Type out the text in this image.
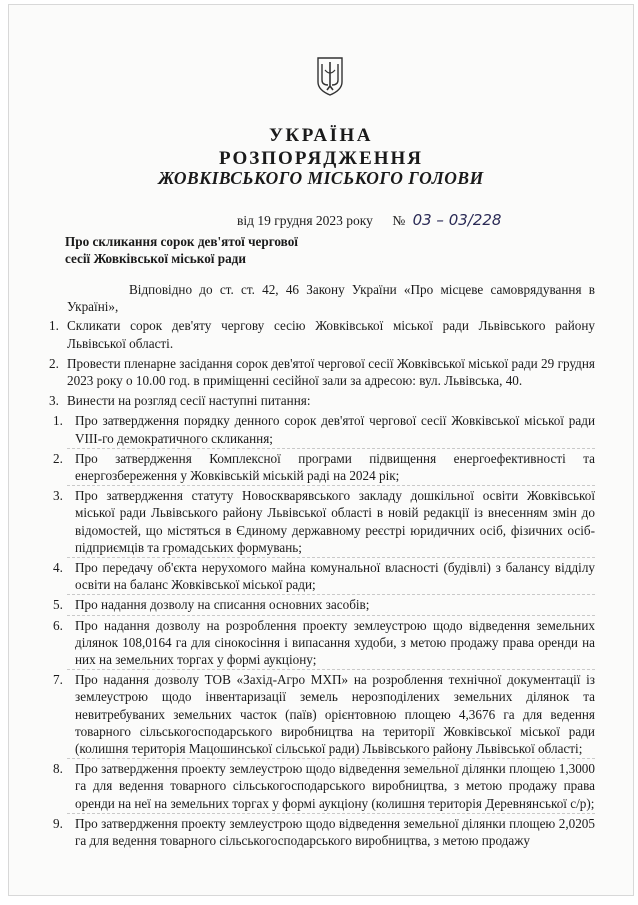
УКРАЇНА
РОЗПОРЯДЖЕННЯ
ЖОВКІВСЬКОГО МІСЬКОГО ГОЛОВИ
від 19 грудня 2023 року № 03 – 03/228
Про скликання сорок дев'ятої чергової
сесії Жовківської міської ради

Відповідно до ст. ст. 42, 46 Закону України «Про місцеве самоврядування в Україні»,

1. Скликати сорок дев'яту чергову сесію Жовківської міської ради Львівського району Львівської області.
2. Провести пленарне засідання сорок дев'ятої чергової сесії Жовківської міської ради 29 грудня 2023 року о 10.00 год. в приміщенні сесійної зали за адресою: вул. Львівська, 40.
3. Винести на розгляд сесії наступні питання:
1. Про затвердження порядку денного сорок дев'ятої чергової сесії Жовківської міської ради VIII-го демократичного скликання;
2. Про затвердження Комплексної програми підвищення енергоефективності та енергозбереження у Жовківській міській раді на 2024 рік;
3. Про затвердження статуту Новоскварявського закладу дошкільної освіти Жовківської міської ради Львівського району Львівської області в новій редакції із внесенням змін до відомостей, що містяться в Єдиному державному реєстрі юридичних осіб, фізичних осіб-підприємців та громадських формувань;
4. Про передачу об'єкта нерухомого майна комунальної власності (будівлі) з балансу відділу освіти на баланс Жовківської міської ради;
5. Про надання дозволу на списання основних засобів;
6. Про надання дозволу на розроблення проекту землеустрою щодо відведення земельних ділянок 108,0164 га для сінокосіння і випасання худоби, з метою продажу права оренди на них на земельних торгах у формі аукціону;
7. Про надання дозволу ТОВ «Захід-Агро МХП» на розроблення технічної документації із землеустрою щодо інвентаризації земель нерозподілених земельних ділянок та невитребуваних земельних часток (паїв) орієнтовною площею 4,3676 га для ведення товарного сільськогосподарського виробництва на території Жовківської міської ради (колишня територія Мацошинської сільської ради) Львівського району Львівської області;
8. Про затвердження проекту землеустрою щодо відведення земельної ділянки площею 1,3000 га для ведення товарного сільськогосподарського виробництва, з метою продажу права оренди на неї на земельних торгах у формі аукціону (колишня територія Деревнянської с/р);
9. Про затвердження проекту землеустрою щодо відведення земельної ділянки площею 2,0205 га для ведення товарного сільськогосподарського виробництва, з метою продажу
